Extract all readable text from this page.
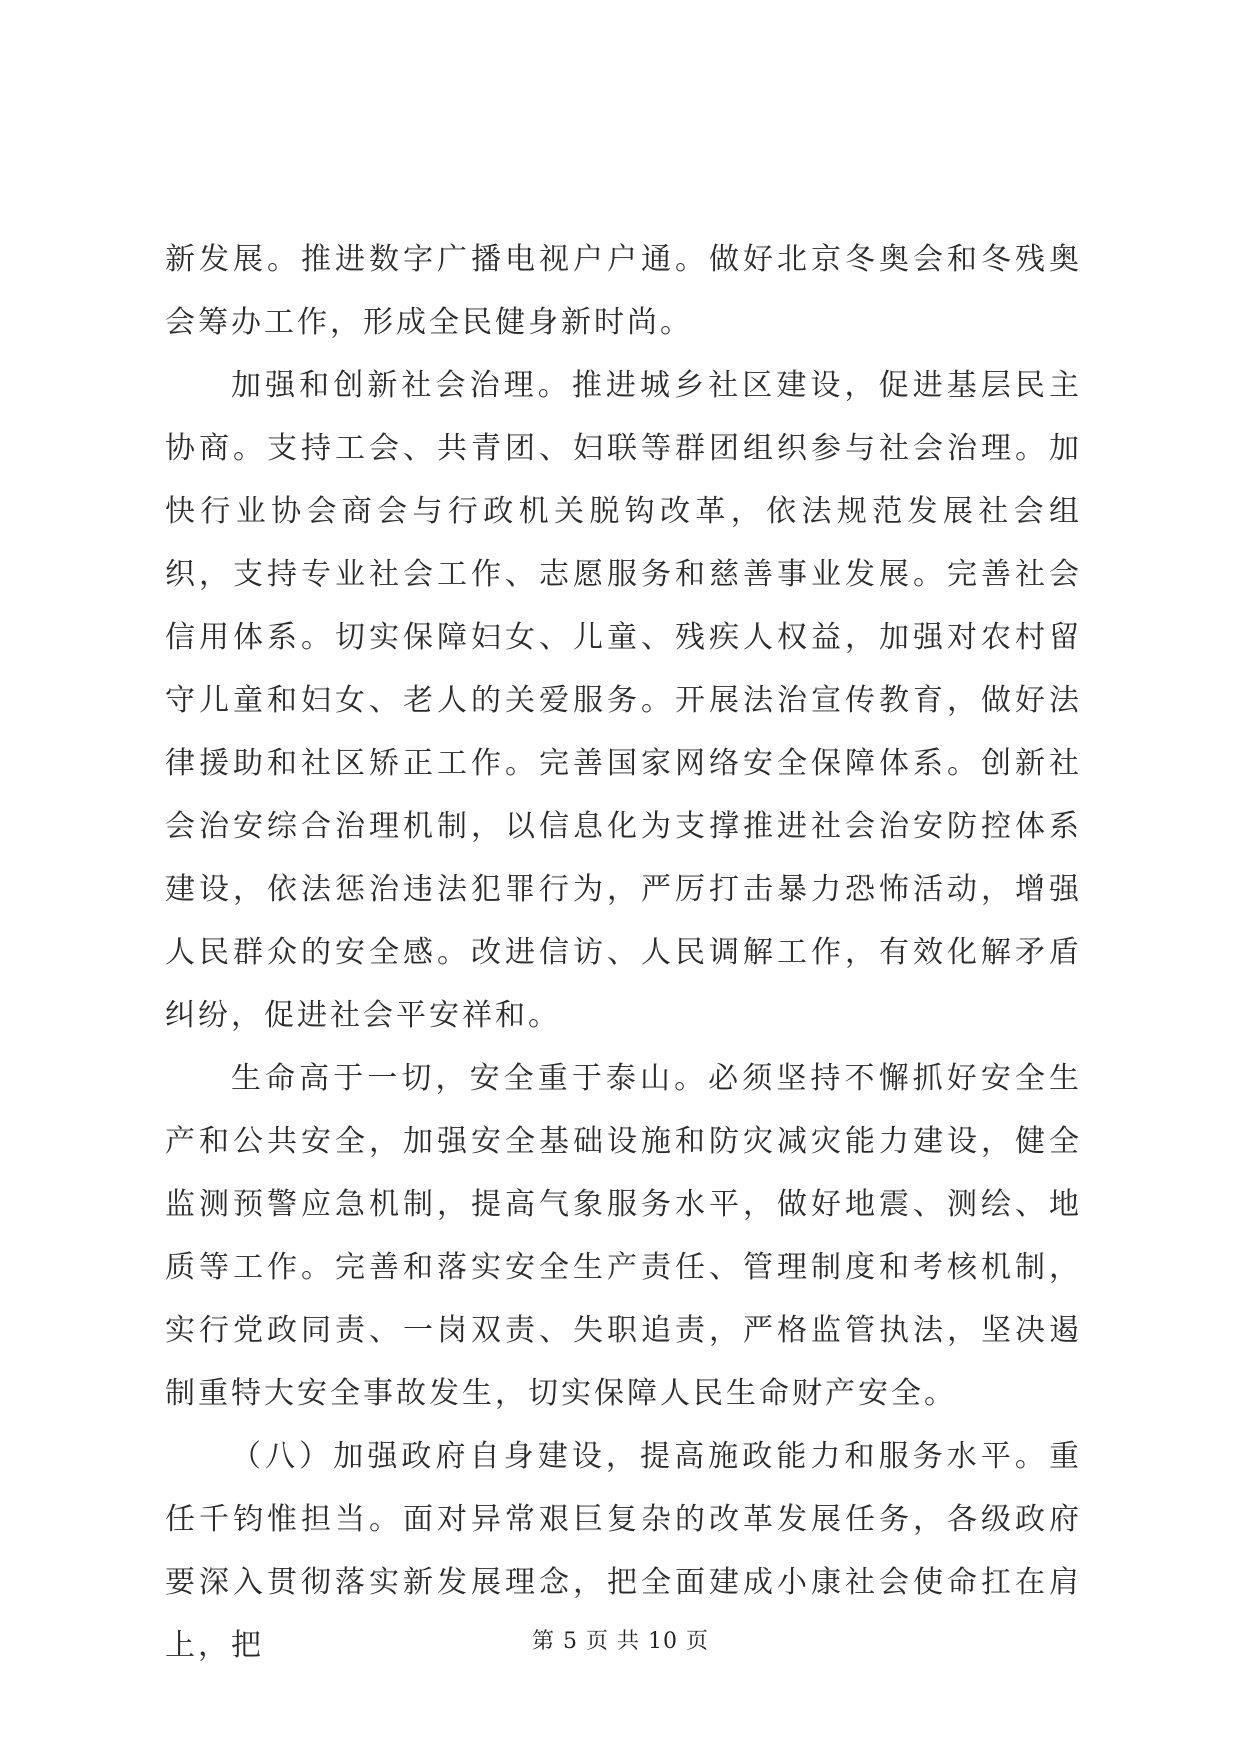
新发展。推进数字广播电视户户通。做好北京冬奥会和冬残奥会筹办工作，形成全民健身新时尚。

加强和创新社会治理。推进城乡社区建设，促进基层民主协商。支持工会、共青团、妇联等群团组织参与社会治理。加快行业协会商会与行政机关脱钩改革，依法规范发展社会组织，支持专业社会工作、志愿服务和慈善事业发展。完善社会信用体系。切实保障妇女、儿童、残疾人权益，加强对农村留守儿童和妇女、老人的关爱服务。开展法治宣传教育，做好法律援助和社区矫正工作。完善国家网络安全保障体系。创新社会治安综合治理机制，以信息化为支撑推进社会治安防控体系建设，依法惩治违法犯罪行为，严厉打击暴力恐怖活动，增强人民群众的安全感。改进信访、人民调解工作，有效化解矛盾纠纷，促进社会平安祥和。

生命高于一切，安全重于泰山。必须坚持不懈抓好安全生产和公共安全，加强安全基础设施和防灾减灾能力建设，健全监测预警应急机制，提高气象服务水平，做好地震、测绘、地质等工作。完善和落实安全生产责任、管理制度和考核机制，实行党政同责、一岗双责、失职追责，严格监管执法，坚决遏制重特大安全事故发生，切实保障人民生命财产安全。

（八）加强政府自身建设，提高施政能力和服务水平。重任千钧惟担当。面对异常艰巨复杂的改革发展任务，各级政府要深入贯彻落实新发展理念，把全面建成小康社会使命扛在肩上，把	第 5 页 共 10 页
